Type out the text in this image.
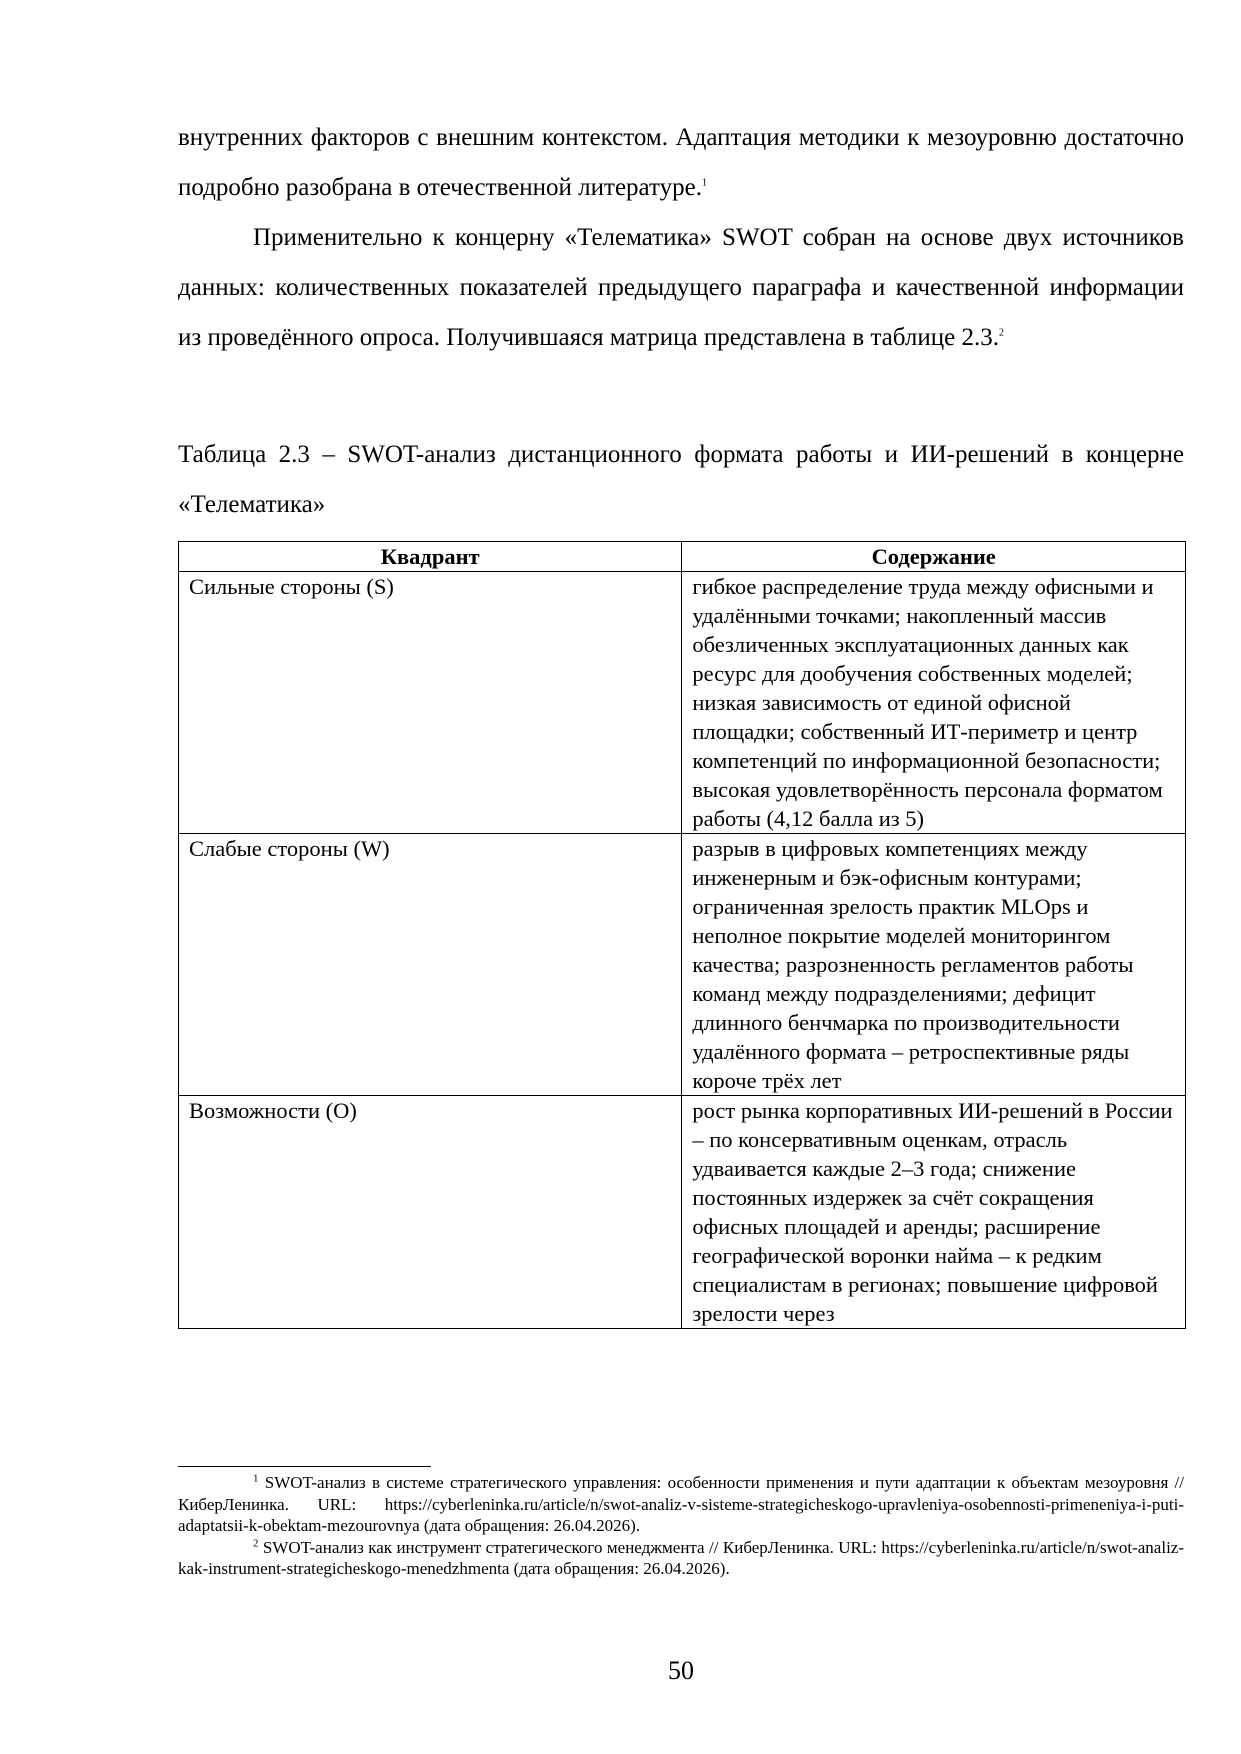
внутренних факторов с внешним контекстом. Адаптация методики к мезоуровню достаточно подробно разобрана в отечественной литературе.$^1$

Применительно к концерну «Телематика» SWOT собран на основе двух источников данных: количественных показателей предыдущего параграфа и качественной информации из проведённого опроса. Получившаяся матрица представлена в таблице 2.3.$^2$

Таблица 2.3 – SWOT-анализ дистанционного формата работы и ИИ-решений в концерне «Телематика»

Квадрант	Содержание
Сильные стороны (S)	гибкое распределение труда между офисными и удалёнными точками; накопленный массив обезличенных эксплуатационных данных как ресурс для дообучения собственных моделей; низкая зависимость от единой офисной площадки; собственный ИТ-периметр и центр компетенций по информационной безопасности; высокая удовлетворённость персонала форматом работы (4,12 балла из 5)
Слабые стороны (W)	разрыв в цифровых компетенциях между инженерным и бэк-офисным контурами; ограниченная зрелость практик MLOps и неполное покрытие моделей мониторингом качества; разрозненность регламентов работы команд между подразделениями; дефицит длинного бенчмарка по производительности удалённого формата – ретроспективные ряды короче трёх лет
Возможности (O)	рост рынка корпоративных ИИ-решений в России – по консервативным оценкам, отрасль удваивается каждые 2–3 года; снижение постоянных издержек за счёт сокращения офисных площадей и аренды; расширение географической воронки найма – к редким специалистам в регионах; повышение цифровой зрелости через

$^1$ SWOT-анализ в системе стратегического управления: особенности применения и пути адаптации к объектам мезоуровня // КиберЛенинка. URL: https://cyberleninka.ru/article/n/swot-analiz-v-sisteme-strategicheskogo-upravleniya-osobennosti-primeneniya-i-puti-adaptatsii-k-obektam-mezourovnya (дата обращения: 26.04.2026).

$^2$ SWOT-анализ как инструмент стратегического менеджмента // КиберЛенинка. URL: https://cyberleninka.ru/article/n/swot-analiz-kak-instrument-strategicheskogo-menedzhmenta (дата обращения: 26.04.2026).

50
